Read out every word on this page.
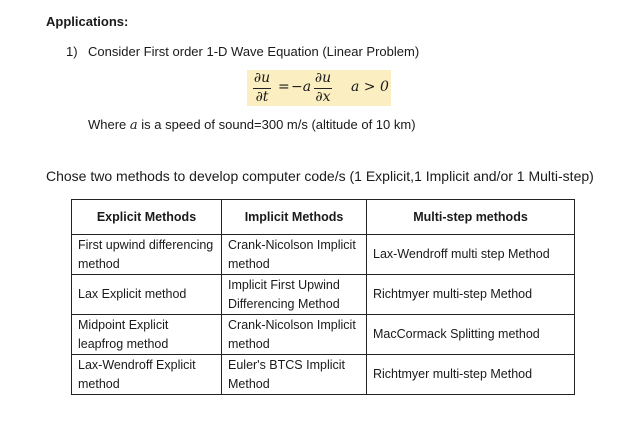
Applications:
1) Consider First order 1-D Wave Equation (Linear Problem)
∂u
∂t
= −a
∂u
∂x
a > 0
Where a is a speed of sound=300 m/s (altitude of 10 km)
Chose two methods to develop computer code/s (1 Explicit,1 Implicit and/or 1 Multi-step)
Explicit Methods	Implicit Methods	Multi-step methods
First upwind differencing method	Crank-Nicolson Implicit method	Lax-Wendroff multi step Method
Lax Explicit method	Implicit First Upwind Differencing Method	Richtmyer multi-step Method
Midpoint Explicit leapfrog method	Crank-Nicolson Implicit method	MacCormack Splitting method
Lax-Wendroff Explicit method	Euler's BTCS Implicit Method	Richtmyer multi-step Method
